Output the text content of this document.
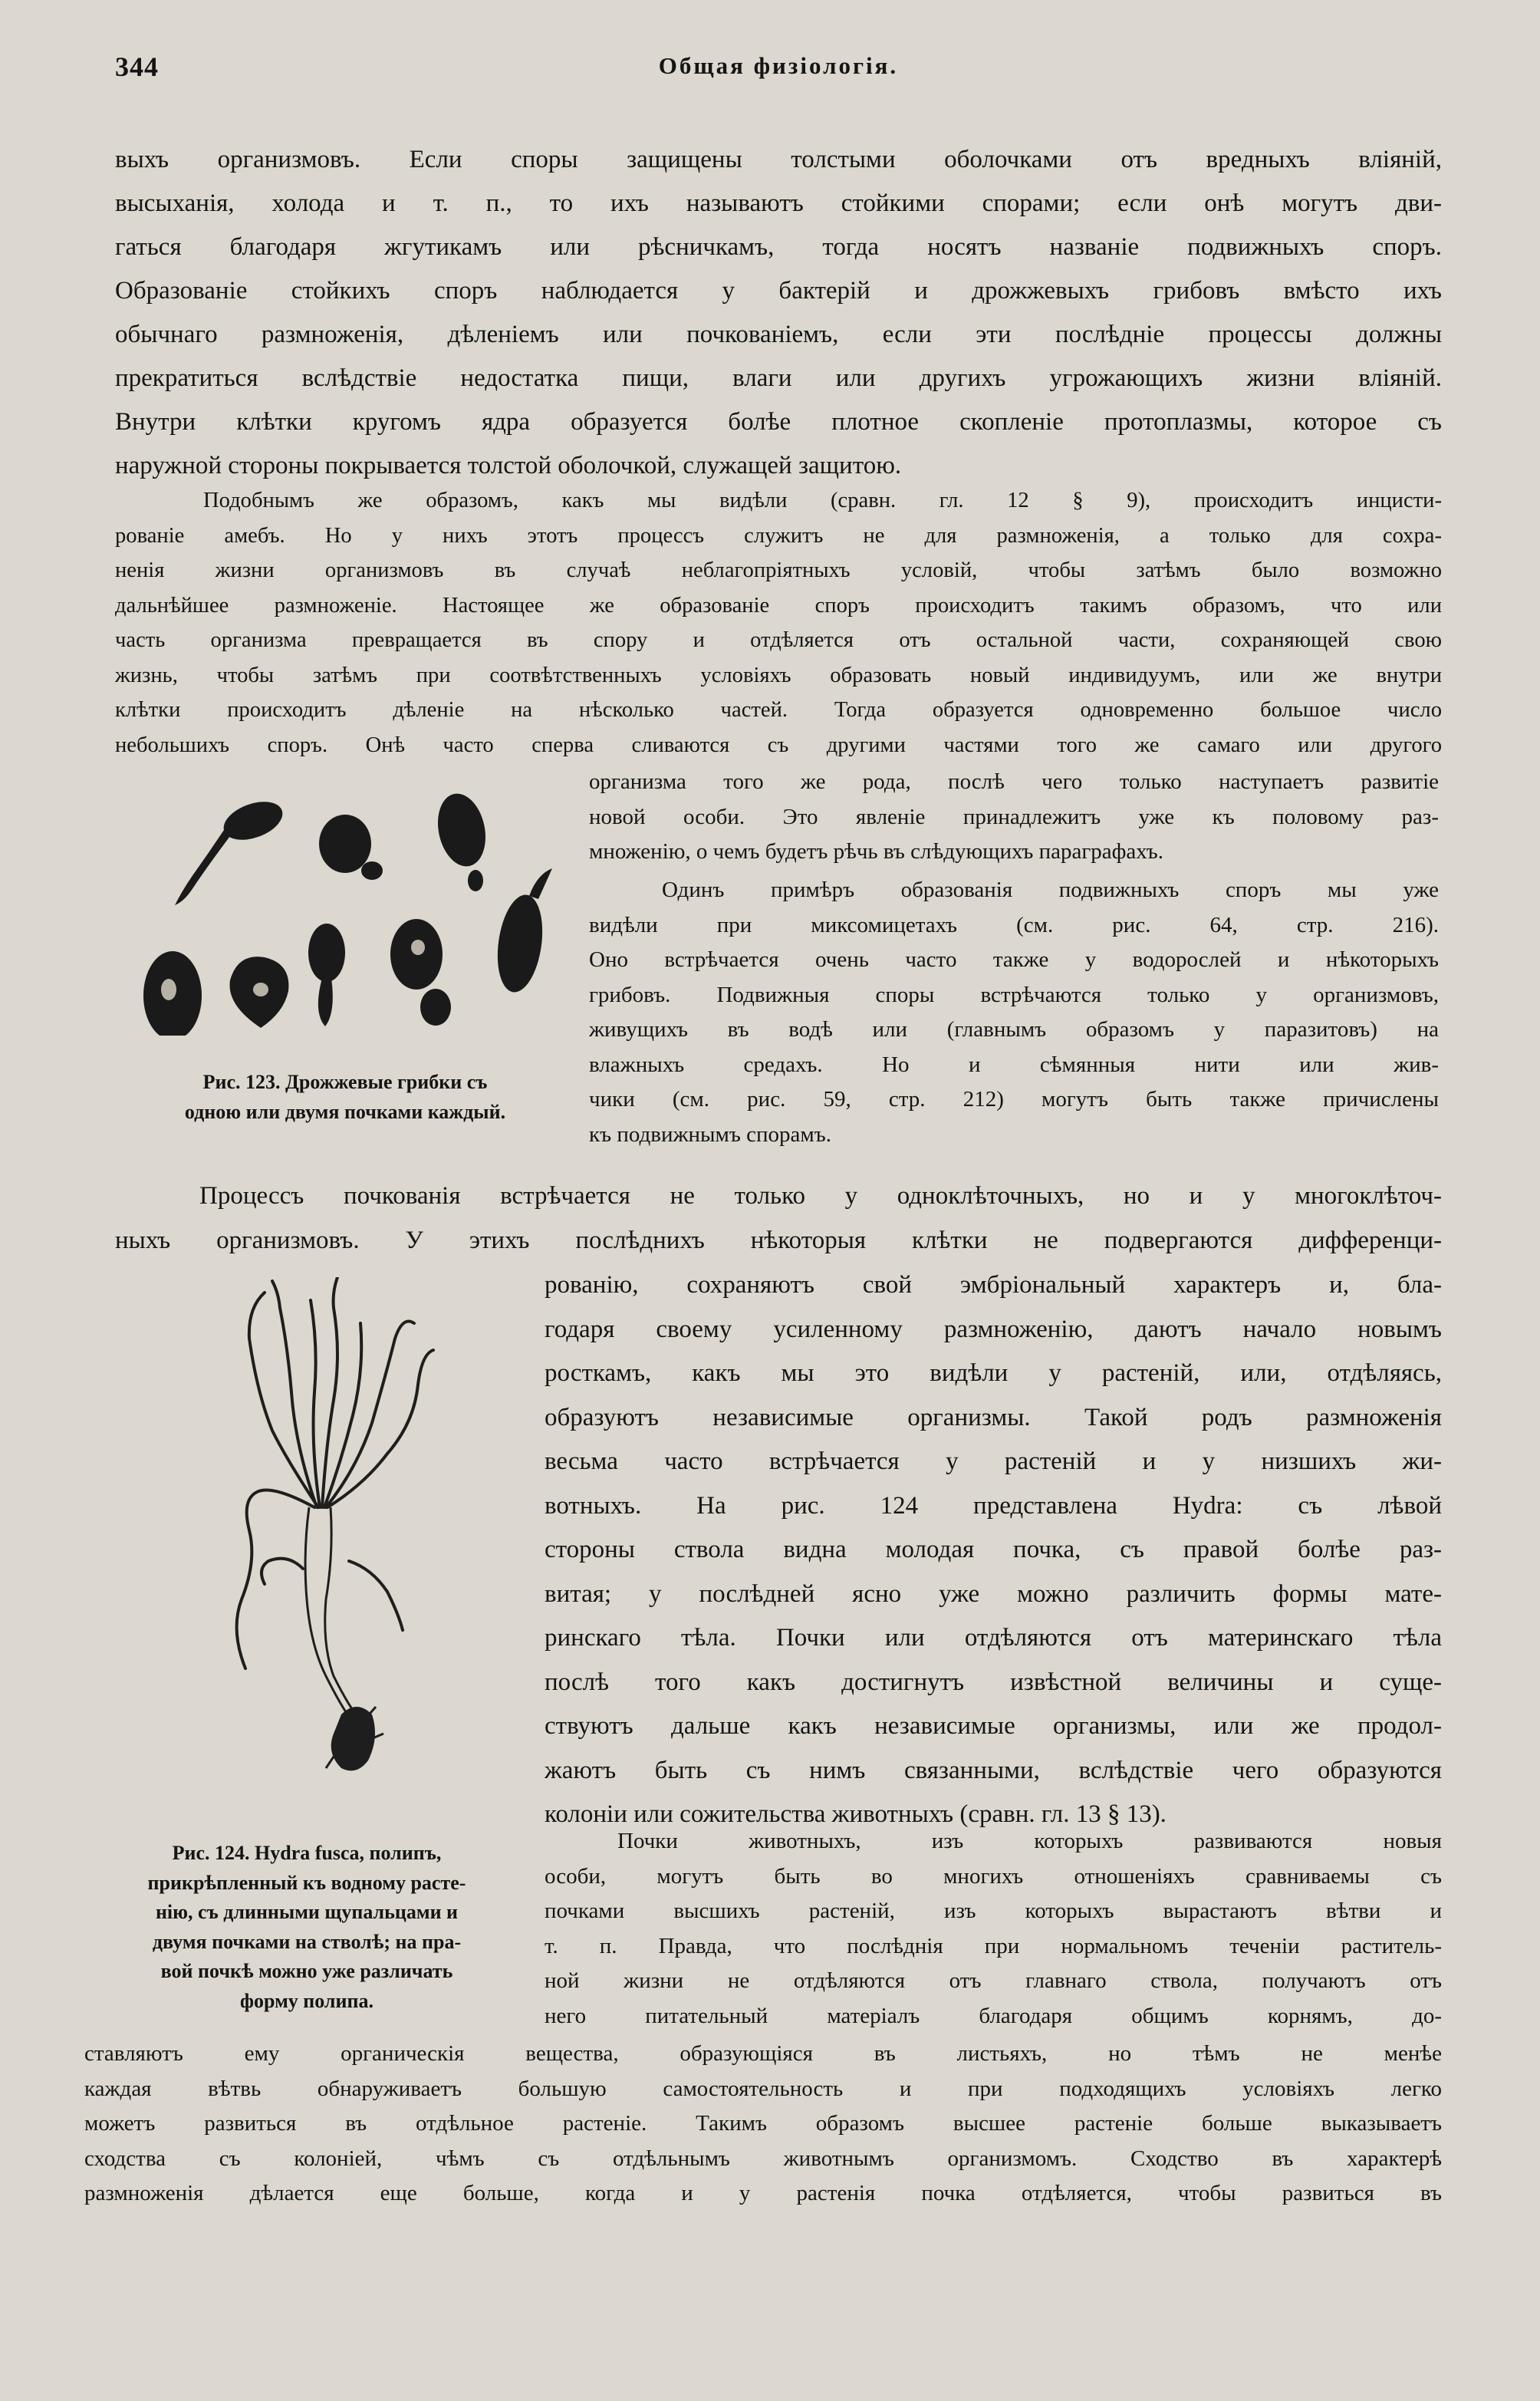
344	Общая физiологiя.
выхъ организмовъ. Если споры защищены толстыми оболочками отъ вредныхъ влiянiй,
высыханiя, холода и т. п., то ихъ называютъ стойкими спорами; если онѣ могутъ дви-
гаться благодаря жгутикамъ или рѣсничкамъ, тогда носятъ названiе подвижныхъ споръ.
Образованiе стойкихъ споръ наблюдается у бактерiй и дрожжевыхъ грибовъ вмѣсто ихъ
обычнаго размноженiя, дѣленiемъ или почкованiемъ, если эти послѣднiе процессы должны
прекратиться вслѣдствiе недостатка пищи, влаги или другихъ угрожающихъ жизни влiянiй.
Внутри клѣтки кругомъ ядра образуется болѣе плотное скопленiе протоплазмы, которое съ
наружной стороны покрывается толстой оболочкой, служащей защитою.
Подобнымъ же образомъ, какъ мы видѣли (сравн. гл. 12 § 9), происходитъ инцисти-
рованiе амебъ. Но у нихъ этотъ процессъ служитъ не для размноженiя, а только для сохра-
ненiя жизни организмовъ въ случаѣ неблагопрiятныхъ условiй, чтобы затѣмъ было возможно
дальнѣйшее размноженiе. Настоящее же образованiе споръ происходитъ такимъ образомъ, что или
часть организма превращается въ спору и отдѣляется отъ остальной части, сохраняющей свою
жизнь, чтобы затѣмъ при соотвѣтственныхъ условiяхъ образовать новый индивидуумъ, или же внутри
клѣтки происходитъ дѣленiе на нѣсколько частей. Тогда образуется одновременно большое число
небольшихъ споръ. Онѣ часто сперва сливаются съ другими частями того же самаго или другого
организма того же рода, послѣ чего только наступаетъ развитiе
новой особи. Это явленiе принадлежитъ уже къ половому раз-
множенiю, о чемъ будетъ рѣчь въ слѣдующихъ параграфахъ.
Одинъ примѣръ образованiя подвижныхъ споръ мы уже
видѣли при миксомицетахъ (см. рис. 64, стр. 216).
Оно встрѣчается очень часто также у водорослей и нѣкоторыхъ
грибовъ. Подвижныя споры встрѣчаются только у организмовъ,
живущихъ въ водѣ или (главнымъ образомъ у паразитовъ) на
влажныхъ средахъ. Но и сѣмянныя нити или жив-
чики (см. рис. 59, стр. 212) могутъ быть также причислены
къ подвижнымъ спорамъ.
Рис. 123. Дрожжевые грибки съ
одною или двумя почками каждый.
Процессъ почкованiя встрѣчается не только у одноклѣточныхъ, но и у многоклѣточ-
ныхъ организмовъ. У этихъ послѣднихъ нѣкоторыя клѣтки не подвергаются дифференци-
рованiю, сохраняютъ свой эмбрiональный характеръ и, бла-
годаря своему усиленному размноженiю, даютъ начало новымъ
росткамъ, какъ мы это видѣли у растенiй, или, отдѣляясь,
образуютъ независимые организмы. Такой родъ размноженiя
весьма часто встрѣчается у растенiй и у низшихъ жи-
вотныхъ. На рис. 124 представлена Hydra: съ лѣвой
стороны ствола видна молодая почка, съ правой болѣе раз-
витая; у послѣдней ясно уже можно различить формы мате-
ринскаго тѣла. Почки или отдѣляются отъ материнскаго тѣла
послѣ того какъ достигнутъ извѣстной величины и суще-
ствуютъ дальше какъ независимые организмы, или же продол-
жаютъ быть съ нимъ связанными, вслѣдствiе чего образуются
колонiи или сожительства животныхъ (сравн. гл. 13 § 13).
Рис. 124. Hydra fusca, полипъ,
прикрѣпленный къ водному расте-
нiю, съ длинными щупальцами и
двумя почками на стволѣ; на пра-
вой почкѣ можно уже различать
форму полипа.
Почки животныхъ, изъ которыхъ развиваются новыя
особи, могутъ быть во многихъ отношенiяхъ сравниваемы съ
почками высшихъ растенiй, изъ которыхъ вырастаютъ вѣтви и
т. п. Правда, что послѣднiя при нормальномъ теченiи раститель-
ной жизни не отдѣляются отъ главнаго ствола, получаютъ отъ
него питательный матерiалъ благодаря общимъ корнямъ, до-
ставляютъ ему органическiя вещества, образующiяся въ листьяхъ, но тѣмъ не менѣе
каждая вѣтвь обнаруживаетъ большую самостоятельность и при подходящихъ условiяхъ легко
можетъ развиться въ отдѣльное растенiе. Такимъ образомъ высшее растенiе больше выказываетъ
сходства съ колонiей, чѣмъ съ отдѣльнымъ животнымъ организмомъ. Сходство въ характерѣ
размноженiя дѣлается еще больше, когда и у растенiя почка отдѣляется, чтобы развиться въ
